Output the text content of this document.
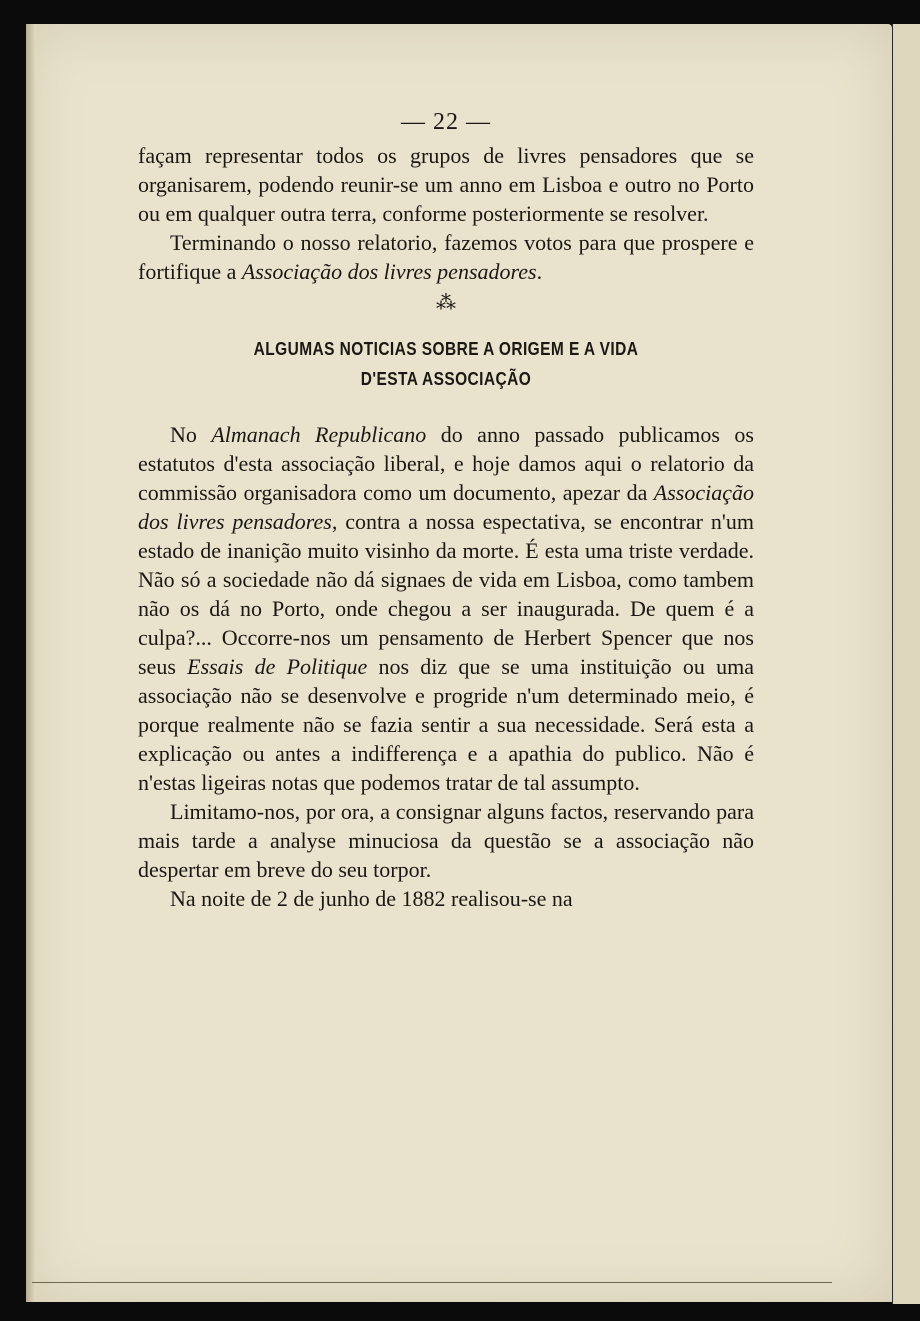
— 22 —

façam representar todos os grupos de livres pensadores que se organisarem, podendo reunir-se um anno em Lisboa e outro no Porto ou em qualquer outra terra, conforme posteriormente se resolver.

Terminando o nosso relatorio, fazemos votos para que prospere e fortifique a Associação dos livres pensadores.

⁂
ALGUMAS NOTICIAS SOBRE A ORIGEM E A VIDA
D'ESTA ASSOCIAÇÃO

No Almanach Republicano do anno passado publicamos os estatutos d'esta associação liberal, e hoje damos aqui o relatorio da commissão organisadora como um documento, apezar da Associação dos livres pensadores, contra a nossa espectativa, se encontrar n'um estado de inanição muito visinho da morte. É esta uma triste verdade. Não só a sociedade não dá signaes de vida em Lisboa, como tambem não os dá no Porto, onde chegou a ser inaugurada. De quem é a culpa?... Occorre-nos um pensamento de Herbert Spencer que nos seus Essais de Politique nos diz que se uma instituição ou uma associação não se desenvolve e progride n'um determinado meio, é porque realmente não se fazia sentir a sua necessidade. Será esta a explicação ou antes a indifferença e a apathia do publico. Não é n'estas ligeiras notas que podemos tratar de tal assumpto.

Limitamo-nos, por ora, a consignar alguns factos, reservando para mais tarde a analyse minuciosa da questão se a associação não despertar em breve do seu torpor.

Na noite de 2 de junho de 1882 realisou-se na
